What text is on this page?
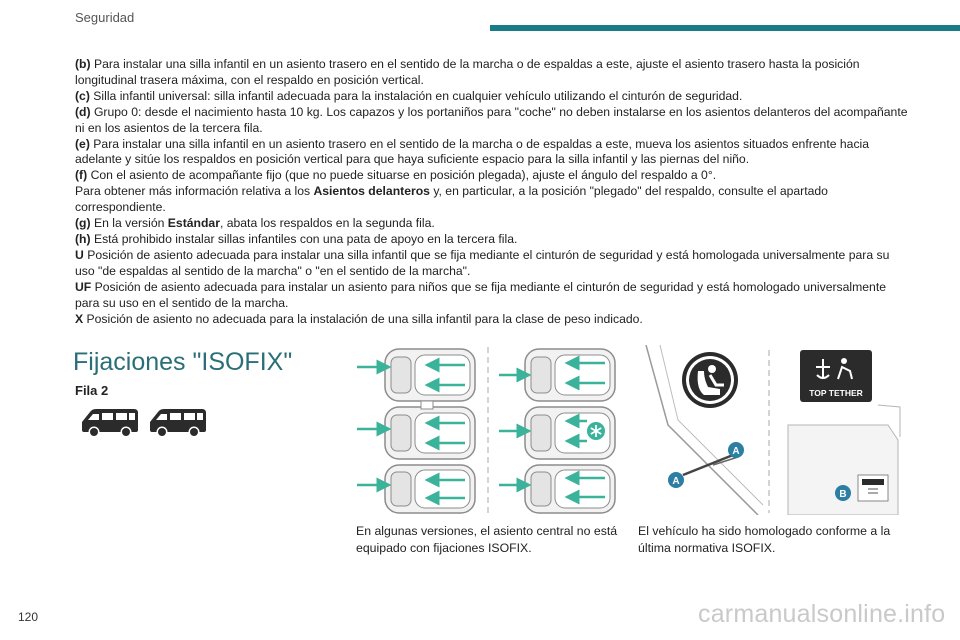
Seguridad

(b) Para instalar una silla infantil en un asiento trasero en el sentido de la marcha o de espaldas a este, ajuste el asiento trasero hasta la posición longitudinal trasera máxima, con el respaldo en posición vertical.

(c) Silla infantil universal: silla infantil adecuada para la instalación en cualquier vehículo utilizando el cinturón de seguridad.

(d) Grupo 0: desde el nacimiento hasta 10 kg. Los capazos y los portaniños para "coche" no deben instalarse en los asientos delanteros del acompañante ni en los asientos de la tercera fila.

(e) Para instalar una silla infantil en un asiento trasero en el sentido de la marcha o de espaldas a este, mueva los asientos situados enfrente hacia adelante y sitúe los respaldos en posición vertical para que haya suficiente espacio para la silla infantil y las piernas del niño.

(f) Con el asiento de acompañante fijo (que no puede situarse en posición plegada), ajuste el ángulo del respaldo a 0°.

Para obtener más información relativa a los Asientos delanteros y, en particular, a la posición "plegado" del respaldo, consulte el apartado correspondiente.

(g) En la versión Estándar, abata los respaldos en la segunda fila.

(h) Está prohibido instalar sillas infantiles con una pata de apoyo en la tercera fila.

U Posición de asiento adecuada para instalar una silla infantil que se fija mediante el cinturón de seguridad y está homologada universalmente para su uso "de espaldas al sentido de la marcha" o "en el sentido de la marcha".

UF Posición de asiento adecuada para instalar un asiento para niños que se fija mediante el cinturón de seguridad y está homologado universalmente para su uso en el sentido de la marcha.

X Posición de asiento no adecuada para la instalación de una silla infantil para la clase de peso indicado.

Fijaciones "ISOFIX"
Fila 2	TOP TETHER
A
A
B
En algunas versiones, el asiento central no está equipado con fijaciones ISOFIX.
El vehículo ha sido homologado conforme a la última normativa ISOFIX.
120	carmanualsonline.info
